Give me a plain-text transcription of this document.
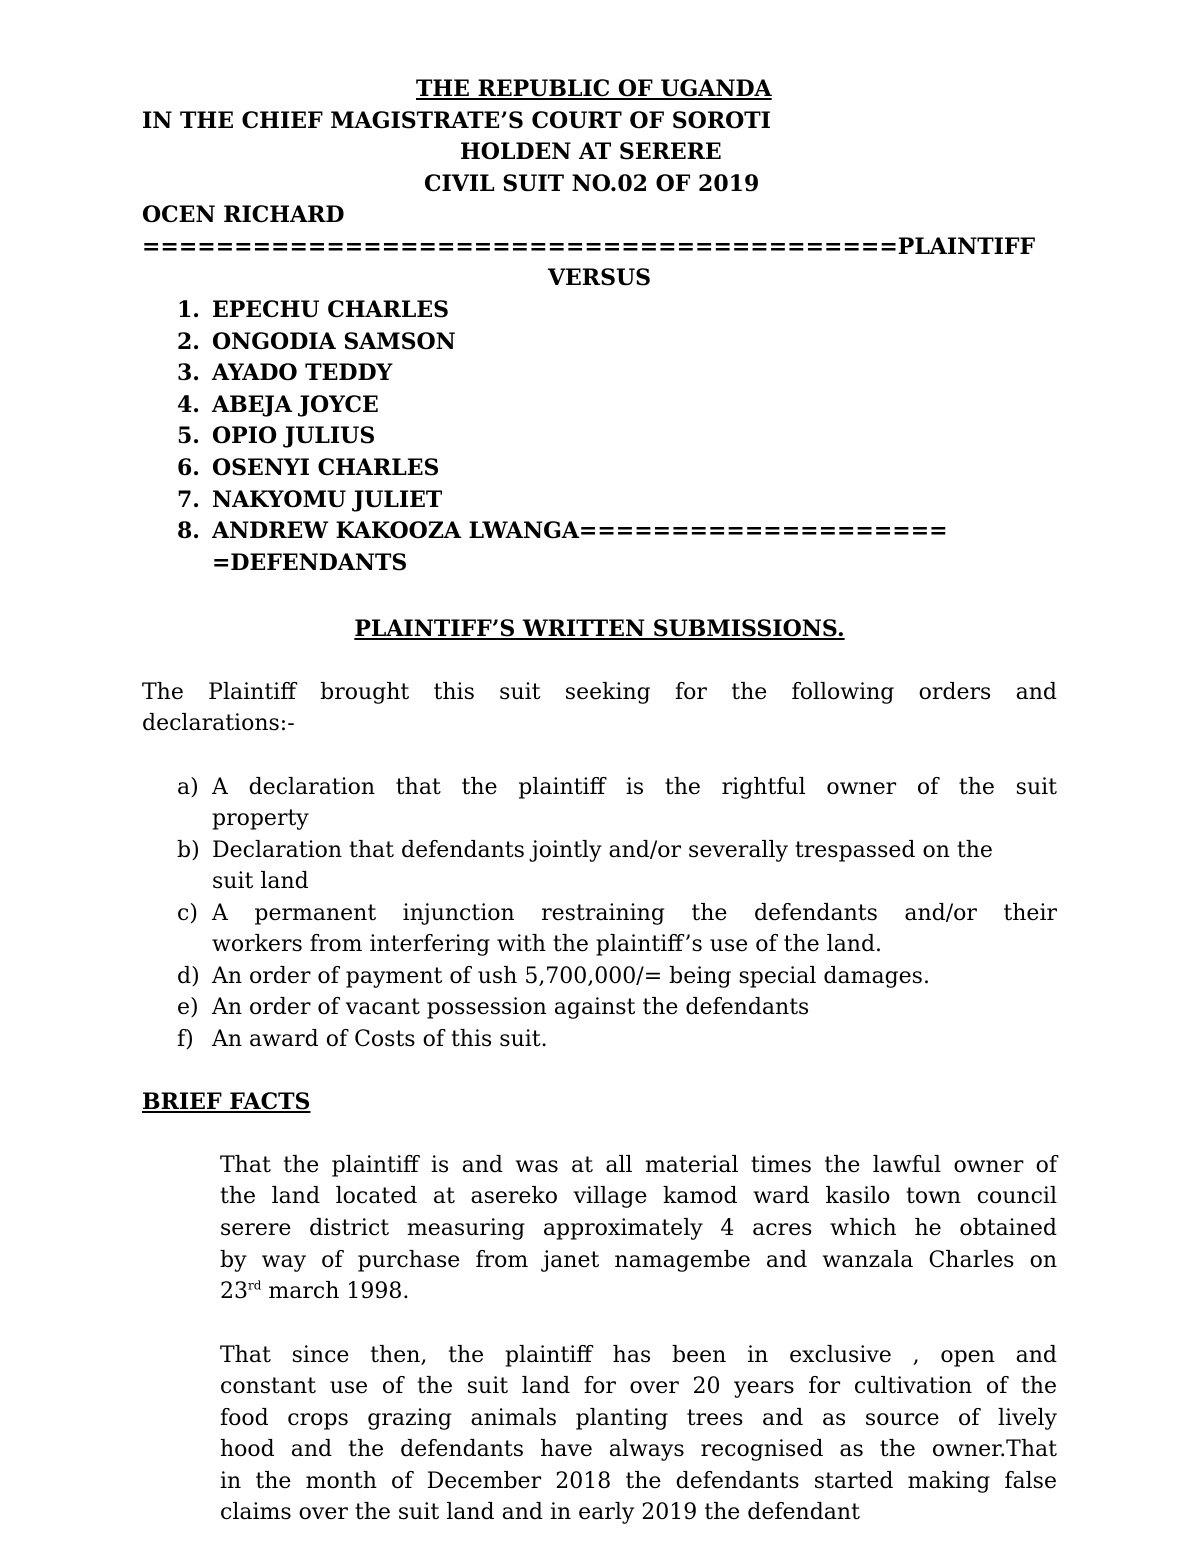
THE REPUBLIC OF UGANDA
IN THE CHIEF MAGISTRATE’S COURT OF SOROTI
HOLDEN AT SERERE
CIVIL SUIT NO.02 OF 2019
OCEN RICHARD
=========================================PLAINTIFF
VERSUS
1. EPECHU CHARLES
2. ONGODIA SAMSON
3. AYADO TEDDY
4. ABEJA JOYCE
5. OPIO JULIUS
6. OSENYI CHARLES
7. NAKYOMU JULIET
8. ANDREW KAKOOZA LWANGA====================
=DEFENDANTS
PLAINTIFF’S WRITTEN SUBMISSIONS.
The Plaintiff brought this suit seeking for the following orders and
declarations:-
a) A declaration that the plaintiff is the rightful owner of the suit
property
b) Declaration that defendants jointly and/or severally trespassed on the
suit land
c) A permanent injunction restraining the defendants and/or their
workers from interfering with the plaintiff’s use of the land.
d) An order of payment of ush 5,700,000/= being special damages.
e) An order of vacant possession against the defendants
f) An award of Costs of this suit.
BRIEF FACTS
That the plaintiff is and was at all material times the lawful owner of
the land located at asereko village kamod ward kasilo town council
serere district measuring approximately 4 acres which he obtained
by way of purchase from janet namagembe and wanzala Charles on
23rd march 1998.
That since then, the plaintiff has been in exclusive , open and
constant use of the suit land for over 20 years for cultivation of the
food crops grazing animals planting trees and as source of lively
hood and the defendants have always recognised as the owner.That
in the month of December 2018 the defendants started making false
claims over the suit land and in early 2019 the defendant
